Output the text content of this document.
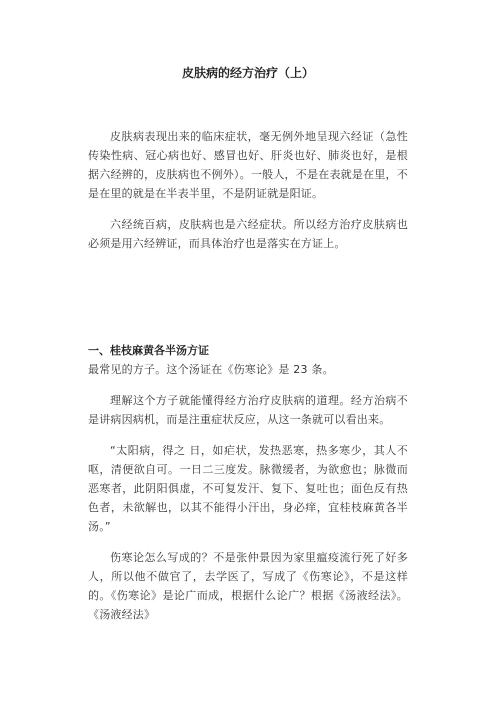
皮肤病的经方治疗（上）

皮肤病表现出来的临床症状，毫无例外地呈现六经证（急性传染性病、冠心病也好、感冒也好、肝炎也好、肺炎也好，是根据六经辨的，皮肤病也不例外）。一般人，不是在表就是在里，不是在里的就是在半表半里，不是阴证就是阳证。

六经统百病，皮肤病也是六经症状。所以经方治疗皮肤病也必须是用六经辨证，而具体治疗也是落实在方证上。

一、桂枝麻黄各半汤方证

最常见的方子。这个汤证在《伤寒论》是 23 条。

理解这个方子就能懂得经方治疗皮肤病的道理。经方治病不是讲病因病机，而是注重症状反应，从这一条就可以看出来。

“太阳病，得之 日，如疟状，发热恶寒，热多寒少，其人不呕，清便欲自可。一日二三度发。脉微缓者，为欲愈也；脉微而恶寒者，此阴阳俱虚，不可复发汗、复下、复吐也；面色反有热色者，未欲解也，以其不能得小汗出，身必痒，宜桂枝麻黄各半汤。”

伤寒论怎么写成的？不是张仲景因为家里瘟疫流行死了好多人，所以他不做官了，去学医了，写成了《伤寒论》，不是这样的。《伤寒论》是论广而成，根据什么论广？根据《汤液经法》。《汤液经法》
